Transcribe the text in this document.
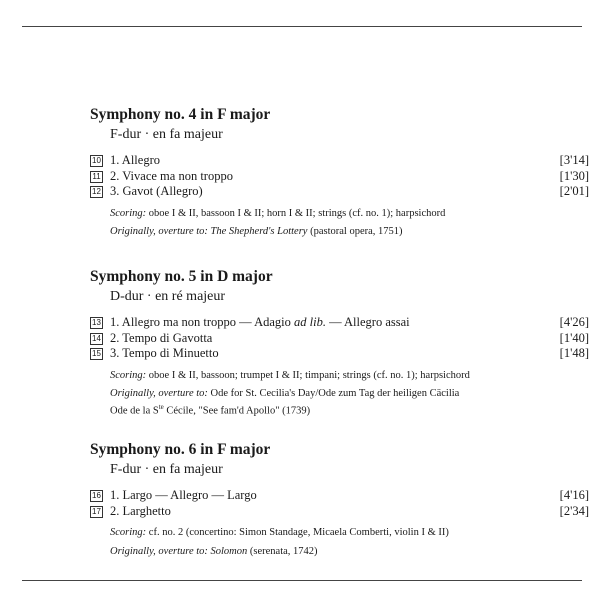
Symphony no. 4 in F major

F-dur · en fa majeur

10 1. Allegro	[3'14]
11 2. Vivace ma non troppo	[1'30]
12 3. Gavot (Allegro)	[2'01]
Scoring: oboe I & II, bassoon I & II; horn I & II; strings (cf. no. 1); harpsichord
Originally, overture to: The Shepherd's Lottery (pastoral opera, 1751)

Symphony no. 5 in D major

D-dur · en ré majeur

13 1. Allegro ma non troppo — Adagio ad lib. — Allegro assai	[4'26]
14 2. Tempo di Gavotta	[1'40]
15 3. Tempo di Minuetto	[1'48]
Scoring: oboe I & II, bassoon; trumpet I & II; timpani; strings (cf. no. 1); harpsichord
Originally, overture to: Ode for St. Cecilia's Day/Ode zum Tag der heiligen Cäcilia
Ode de la $S^{te}$ Cécile, "See fam'd Apollo" (1739)

Symphony no. 6 in F major

F-dur · en fa majeur

16 1. Largo — Allegro — Largo	[4'16]
17 2. Larghetto	[2'34]
Scoring: cf. no. 2 (concertino: Simon Standage, Micaela Comberti, violin I & II)
Originally, overture to: Solomon (serenata, 1742)
